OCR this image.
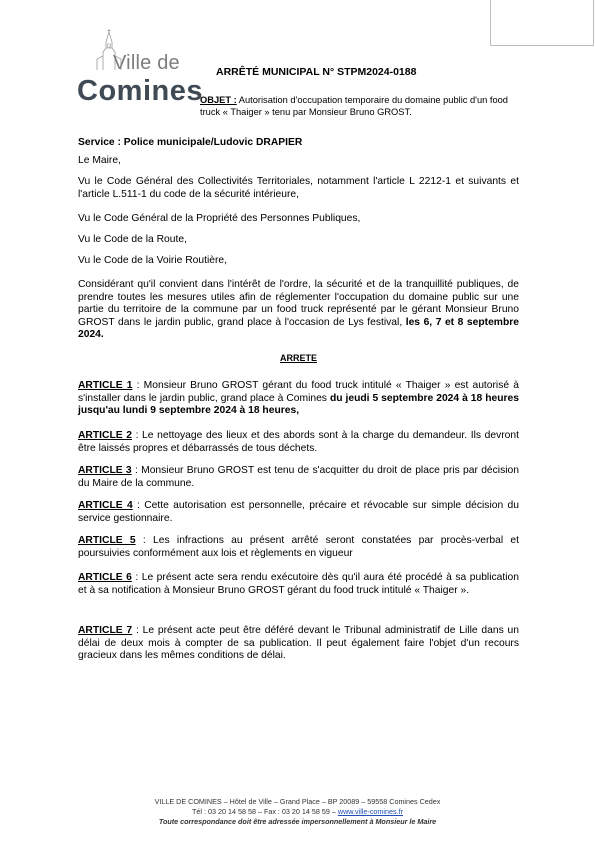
Ville de
Comines
ARRÊTÉ MUNICIPAL N° STPM2024-0188
OBJET : Autorisation d'occupation temporaire du domaine public d'un food truck « Thaiger » tenu par Monsieur Bruno GROST.
Service : Police municipale/Ludovic DRAPIER
Le Maire,
Vu le Code Général des Collectivités Territoriales, notamment l'article L 2212-1 et suivants et l'article L.511-1 du code de la sécurité intérieure,
Vu le Code Général de la Propriété des Personnes Publiques,
Vu le Code de la Route,
Vu le Code de la Voirie Routière,
Considérant qu'il convient dans l'intérêt de l'ordre, la sécurité et de la tranquillité publiques, de prendre toutes les mesures utiles afin de réglementer l'occupation du domaine public sur une partie du territoire de la commune par un food truck représenté par le gérant Monsieur Bruno GROST dans le jardin public, grand place à l'occasion de Lys festival, les 6, 7 et 8 septembre 2024.
ARRETE
ARTICLE 1 : Monsieur Bruno GROST gérant du food truck intitulé « Thaiger » est autorisé à s'installer dans le jardin public, grand place à Comines du jeudi 5 septembre 2024 à 18 heures jusqu'au lundi 9 septembre 2024 à 18 heures,
ARTICLE 2 : Le nettoyage des lieux et des abords sont à la charge du demandeur. Ils devront être laissés propres et débarrassés de tous déchets.
ARTICLE 3 : Monsieur Bruno GROST est tenu de s'acquitter du droit de place pris par décision du Maire de la commune.
ARTICLE 4 : Cette autorisation est personnelle, précaire et révocable sur simple décision du service gestionnaire.
ARTICLE 5 : Les infractions au présent arrêté seront constatées par procès-verbal et poursuivies conformément aux lois et règlements en vigueur
ARTICLE 6 : Le présent acte sera rendu exécutoire dès qu'il aura été procédé à sa publication et à sa notification à Monsieur Bruno GROST gérant du food truck intitulé « Thaiger ».
ARTICLE 7 : Le présent acte peut être déféré devant le Tribunal administratif de Lille dans un délai de deux mois à compter de sa publication. Il peut également faire l'objet d'un recours gracieux dans les mêmes conditions de délai.
VILLE DE COMINES – Hôtel de Ville – Grand Place – BP 20089 – 59558 Comines Cedex
Tél : 03 20 14 58 58 – Fax : 03 20 14 58 59 – www.ville-comines.fr
Toute correspondance doit être adressée impersonnellement à Monsieur le Maire
